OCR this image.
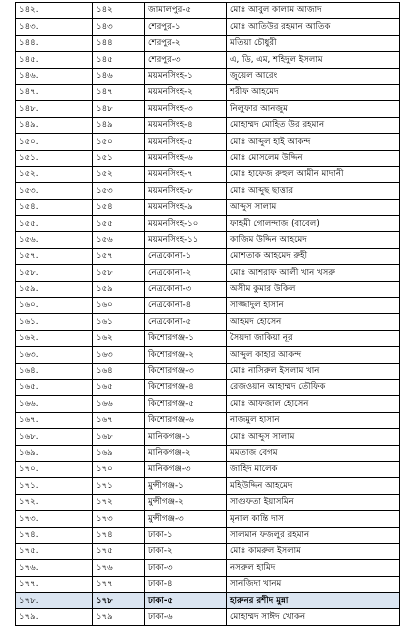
১৪২.	১৪২	জামালপুর-৫	মোঃ আবুল কালাম আজাদ
১৪৩.	১৪৩	শেরপুর-১	মোঃ আতিউর রহমান আতিক
১৪৪.	১৪৪	শেরপুর-২	মতিয়া চৌধুরী
১৪৫.	১৪৫	শেরপুর-৩	এ, ডি, এম, শহিদুল ইসলাম
১৪৬.	১৪৬	ময়মনসিংহ-১	জুয়েল আরেং
১৪৭.	১৪৭	ময়মনসিংহ-২	শরীফ আহমেদ
১৪৮.	১৪৮	ময়মনসিংহ-৩	নিলুফার আনজুম
১৪৯.	১৪৯	ময়মনসিংহ-৪	মোহাম্মদ মোহিত উর রহমান
১৫০.	১৫০	ময়মনসিংহ-৫	মোঃ আব্দুল হাই আকন্দ
১৫১.	১৫১	ময়মনসিংহ-৬	মোঃ মোসলেম উদ্দিন
১৫২.	১৫২	ময়মনসিংহ-৭	মোঃ হাফেজ রুহুল আমীন মাদানী
১৫৩.	১৫৩	ময়মনসিংহ-৮	মোঃ আব্দুছ ছাত্তার
১৫৪.	১৫৪	ময়মনসিংহ-৯	আব্দুস সালাম
১৫৫.	১৫৫	ময়মনসিংহ-১০	ফাহমী গোলন্দাজ (বাবেল)
১৫৬.	১৫৬	ময়মনসিংহ-১১	কাজিম উদ্দিন আহমেদ
১৫৭.	১৫৭	নেত্রকোনা-১	মোশতাক আহমেদ রুহী
১৫৮.	১৫৮	নেত্রকোনা-২	মোঃ আশরাফ আলী খান খসরু
১৫৯.	১৫৯	নেত্রকোনা-৩	অসীম কুমার উকিল
১৬০.	১৬০	নেত্রকোনা-৪	সাজ্জাদুল হাসান
১৬১.	১৬১	নেত্রকোনা-৫	আহমদ হোসেন
১৬২.	১৬২	কিশোরগঞ্জ-১	সৈয়দা জাকিয়া নূর
১৬৩.	১৬৩	কিশোরগঞ্জ-২	আব্দুল কাহার আকন্দ
১৬৪.	১৬৪	কিশোরগঞ্জ-৩	মোঃ নাসিরুল ইসলাম খান
১৬৫.	১৬৫	কিশোরগঞ্জ-৪	রেজওয়ান আহাম্মদ তৌফিক
১৬৬.	১৬৬	কিশোরগঞ্জ-৫	মোঃ আফজাল হোসেন
১৬৭.	১৬৭	কিশোরগঞ্জ-৬	নাজমুল হাসান
১৬৮.	১৬৮	মানিকগঞ্জ-১	মোঃ আব্দুস সালাম
১৬৯.	১৬৯	মানিকগঞ্জ-২	মমতাজ বেগম
১৭০.	১৭০	মানিকগঞ্জ-৩	জাহিদ মালেক
১৭১.	১৭১	মুন্সীগঞ্জ-১	মহিউদ্দিন আহমেদ
১৭২.	১৭২	মুন্সীগঞ্জ-২	সাগুফতা ইয়াসমিন
১৭৩.	১৭৩	মুন্সীগঞ্জ-৩	মৃনাল কান্তি দাস
১৭৪.	১৭৪	ঢাকা-১	সালমান ফজলুর রহমান
১৭৫.	১৭৫	ঢাকা-২	মোঃ কামরুল ইসলাম
১৭৬.	১৭৬	ঢাকা-৩	নসরুল হামিদ
১৭৭.	১৭৭	ঢাকা-৪	সানজিদা খানম
১৭৮.	১৭৮	ঢাকা-৫	হারুনর রশীদ মুন্না
১৭৯.	১৭৯	ঢাকা-৬	মোহাম্মদ সাঈদ খোকন
